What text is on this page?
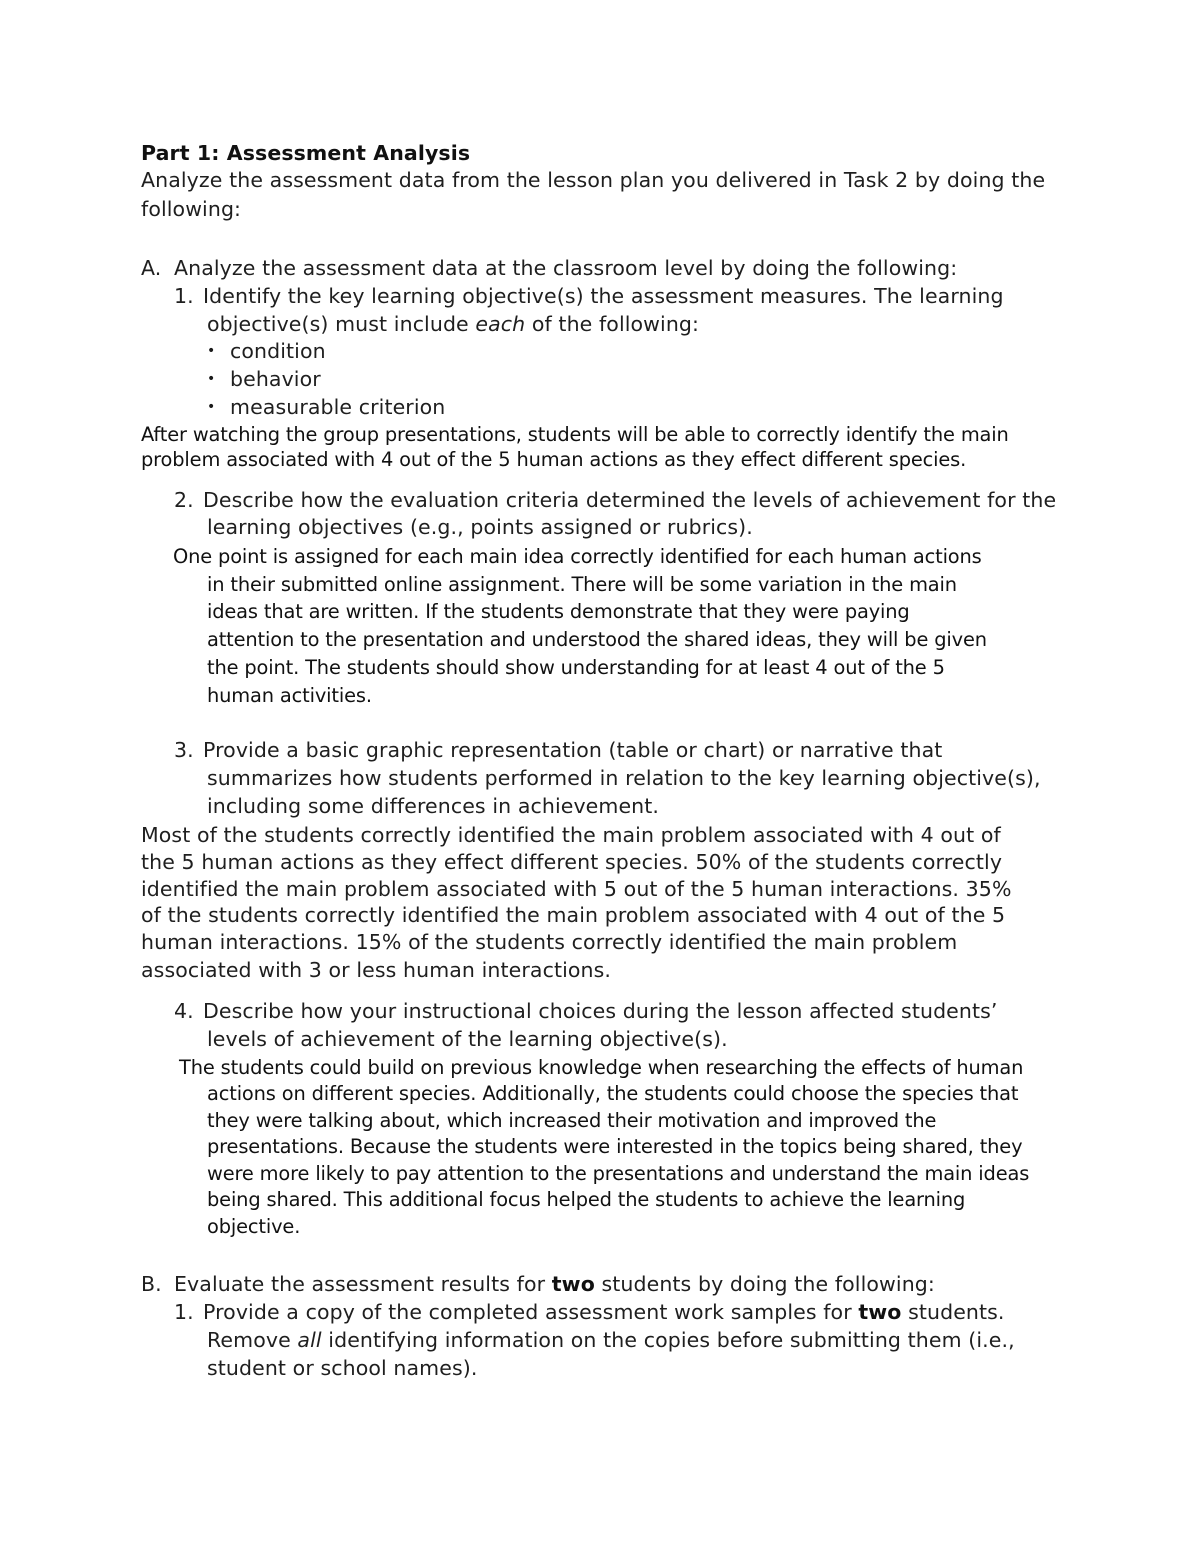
Part 1: Assessment Analysis
Analyze the assessment data from the lesson plan you delivered in Task 2 by doing the
following:
A. Analyze the assessment data at the classroom level by doing the following:
1. Identify the key learning objective(s) the assessment measures. The learning
objective(s) must include each of the following:
• condition
• behavior
• measurable criterion
After watching the group presentations, students will be able to correctly identify the main
problem associated with 4 out of the 5 human actions as they effect different species.
2. Describe how the evaluation criteria determined the levels of achievement for the
learning objectives (e.g., points assigned or rubrics).
One point is assigned for each main idea correctly identified for each human actions
in their submitted online assignment. There will be some variation in the main
ideas that are written. If the students demonstrate that they were paying
attention to the presentation and understood the shared ideas, they will be given
the point. The students should show understanding for at least 4 out of the 5
human activities.
3. Provide a basic graphic representation (table or chart) or narrative that
summarizes how students performed in relation to the key learning objective(s),
including some differences in achievement.
Most of the students correctly identified the main problem associated with 4 out of
the 5 human actions as they effect different species. 50% of the students correctly
identified the main problem associated with 5 out of the 5 human interactions. 35%
of the students correctly identified the main problem associated with 4 out of the 5
human interactions. 15% of the students correctly identified the main problem
associated with 3 or less human interactions.
4. Describe how your instructional choices during the lesson affected students’
levels of achievement of the learning objective(s).
The students could build on previous knowledge when researching the effects of human
actions on different species. Additionally, the students could choose the species that
they were talking about, which increased their motivation and improved the
presentations. Because the students were interested in the topics being shared, they
were more likely to pay attention to the presentations and understand the main ideas
being shared. This additional focus helped the students to achieve the learning
objective.
B. Evaluate the assessment results for two students by doing the following:
1. Provide a copy of the completed assessment work samples for two students.
Remove all identifying information on the copies before submitting them (i.e.,
student or school names).
